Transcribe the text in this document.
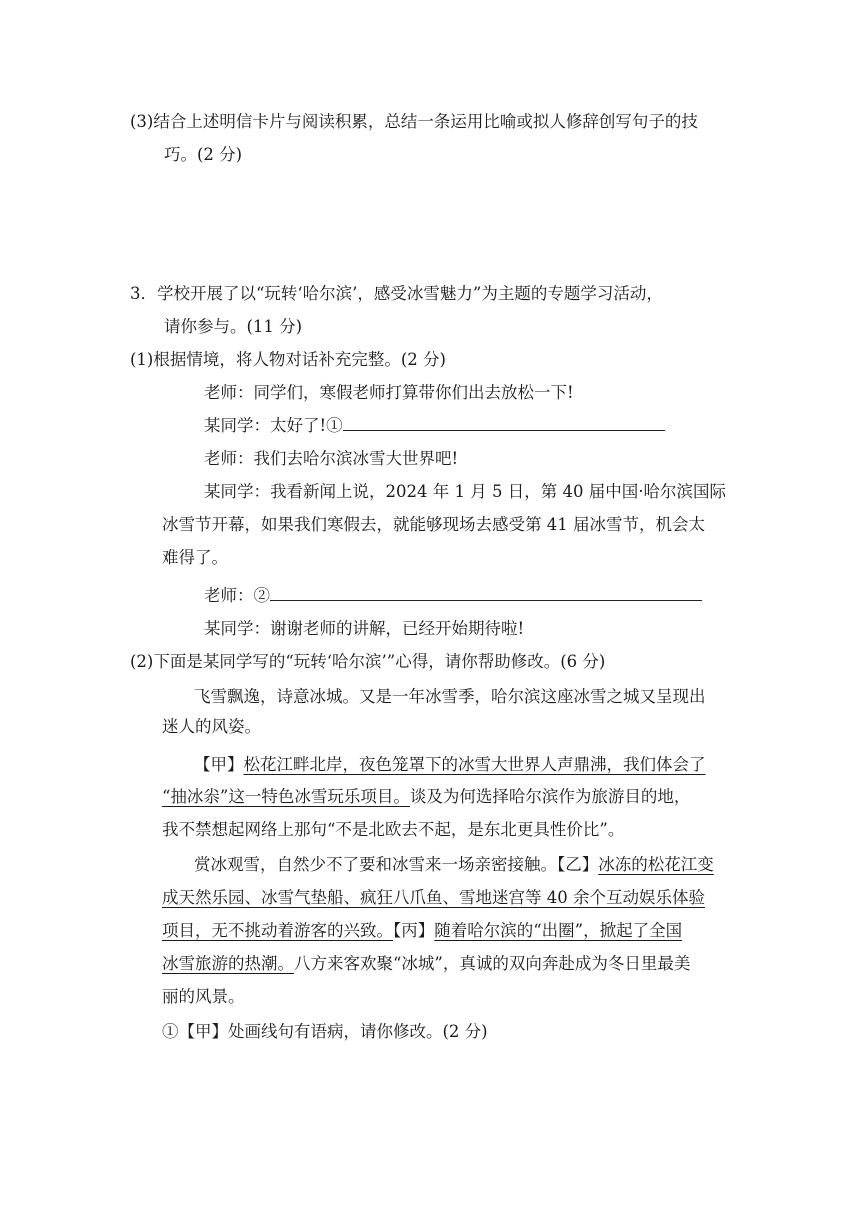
(3)结合上述明信卡片与阅读积累，总结一条运用比喻或拟人修辞创写句子的技
巧。(2 分)
3．学校开展了以“玩转‘哈尔滨’，感受冰雪魅力”为主题的专题学习活动，
请你参与。(11 分)
(1)根据情境，将人物对话补充完整。(2 分)
老师：同学们，寒假老师打算带你们出去放松一下!
某同学：太好了!①
老师：我们去哈尔滨冰雪大世界吧!
某同学：我看新闻上说，2024 年 1 月 5 日，第 40 届中国·哈尔滨国际
冰雪节开幕，如果我们寒假去，就能够现场去感受第 41 届冰雪节，机会太
难得了。
老师：②
某同学：谢谢老师的讲解，已经开始期待啦!
(2)下面是某同学写的“玩转‘哈尔滨’”心得，请你帮助修改。(6 分)
飞雪飘逸，诗意冰城。又是一年冰雪季，哈尔滨这座冰雪之城又呈现出
迷人的风姿。
【甲】松花江畔北岸，夜色笼罩下的冰雪大世界人声鼎沸，我们体会了
“抽冰尜”这一特色冰雪玩乐项目。谈及为何选择哈尔滨作为旅游目的地，
我不禁想起网络上那句“不是北欧去不起，是东北更具性价比”。
赏冰观雪，自然少不了要和冰雪来一场亲密接触。【乙】冰冻的松花江变
成天然乐园、冰雪气垫船、疯狂八爪鱼、雪地迷宫等 40 余个互动娱乐体验
项目，无不挑动着游客的兴致。【丙】随着哈尔滨的“出圈”，掀起了全国
冰雪旅游的热潮。八方来客欢聚“冰城”，真诚的双向奔赴成为冬日里最美
丽的风景。
①【甲】处画线句有语病，请你修改。(2 分)
